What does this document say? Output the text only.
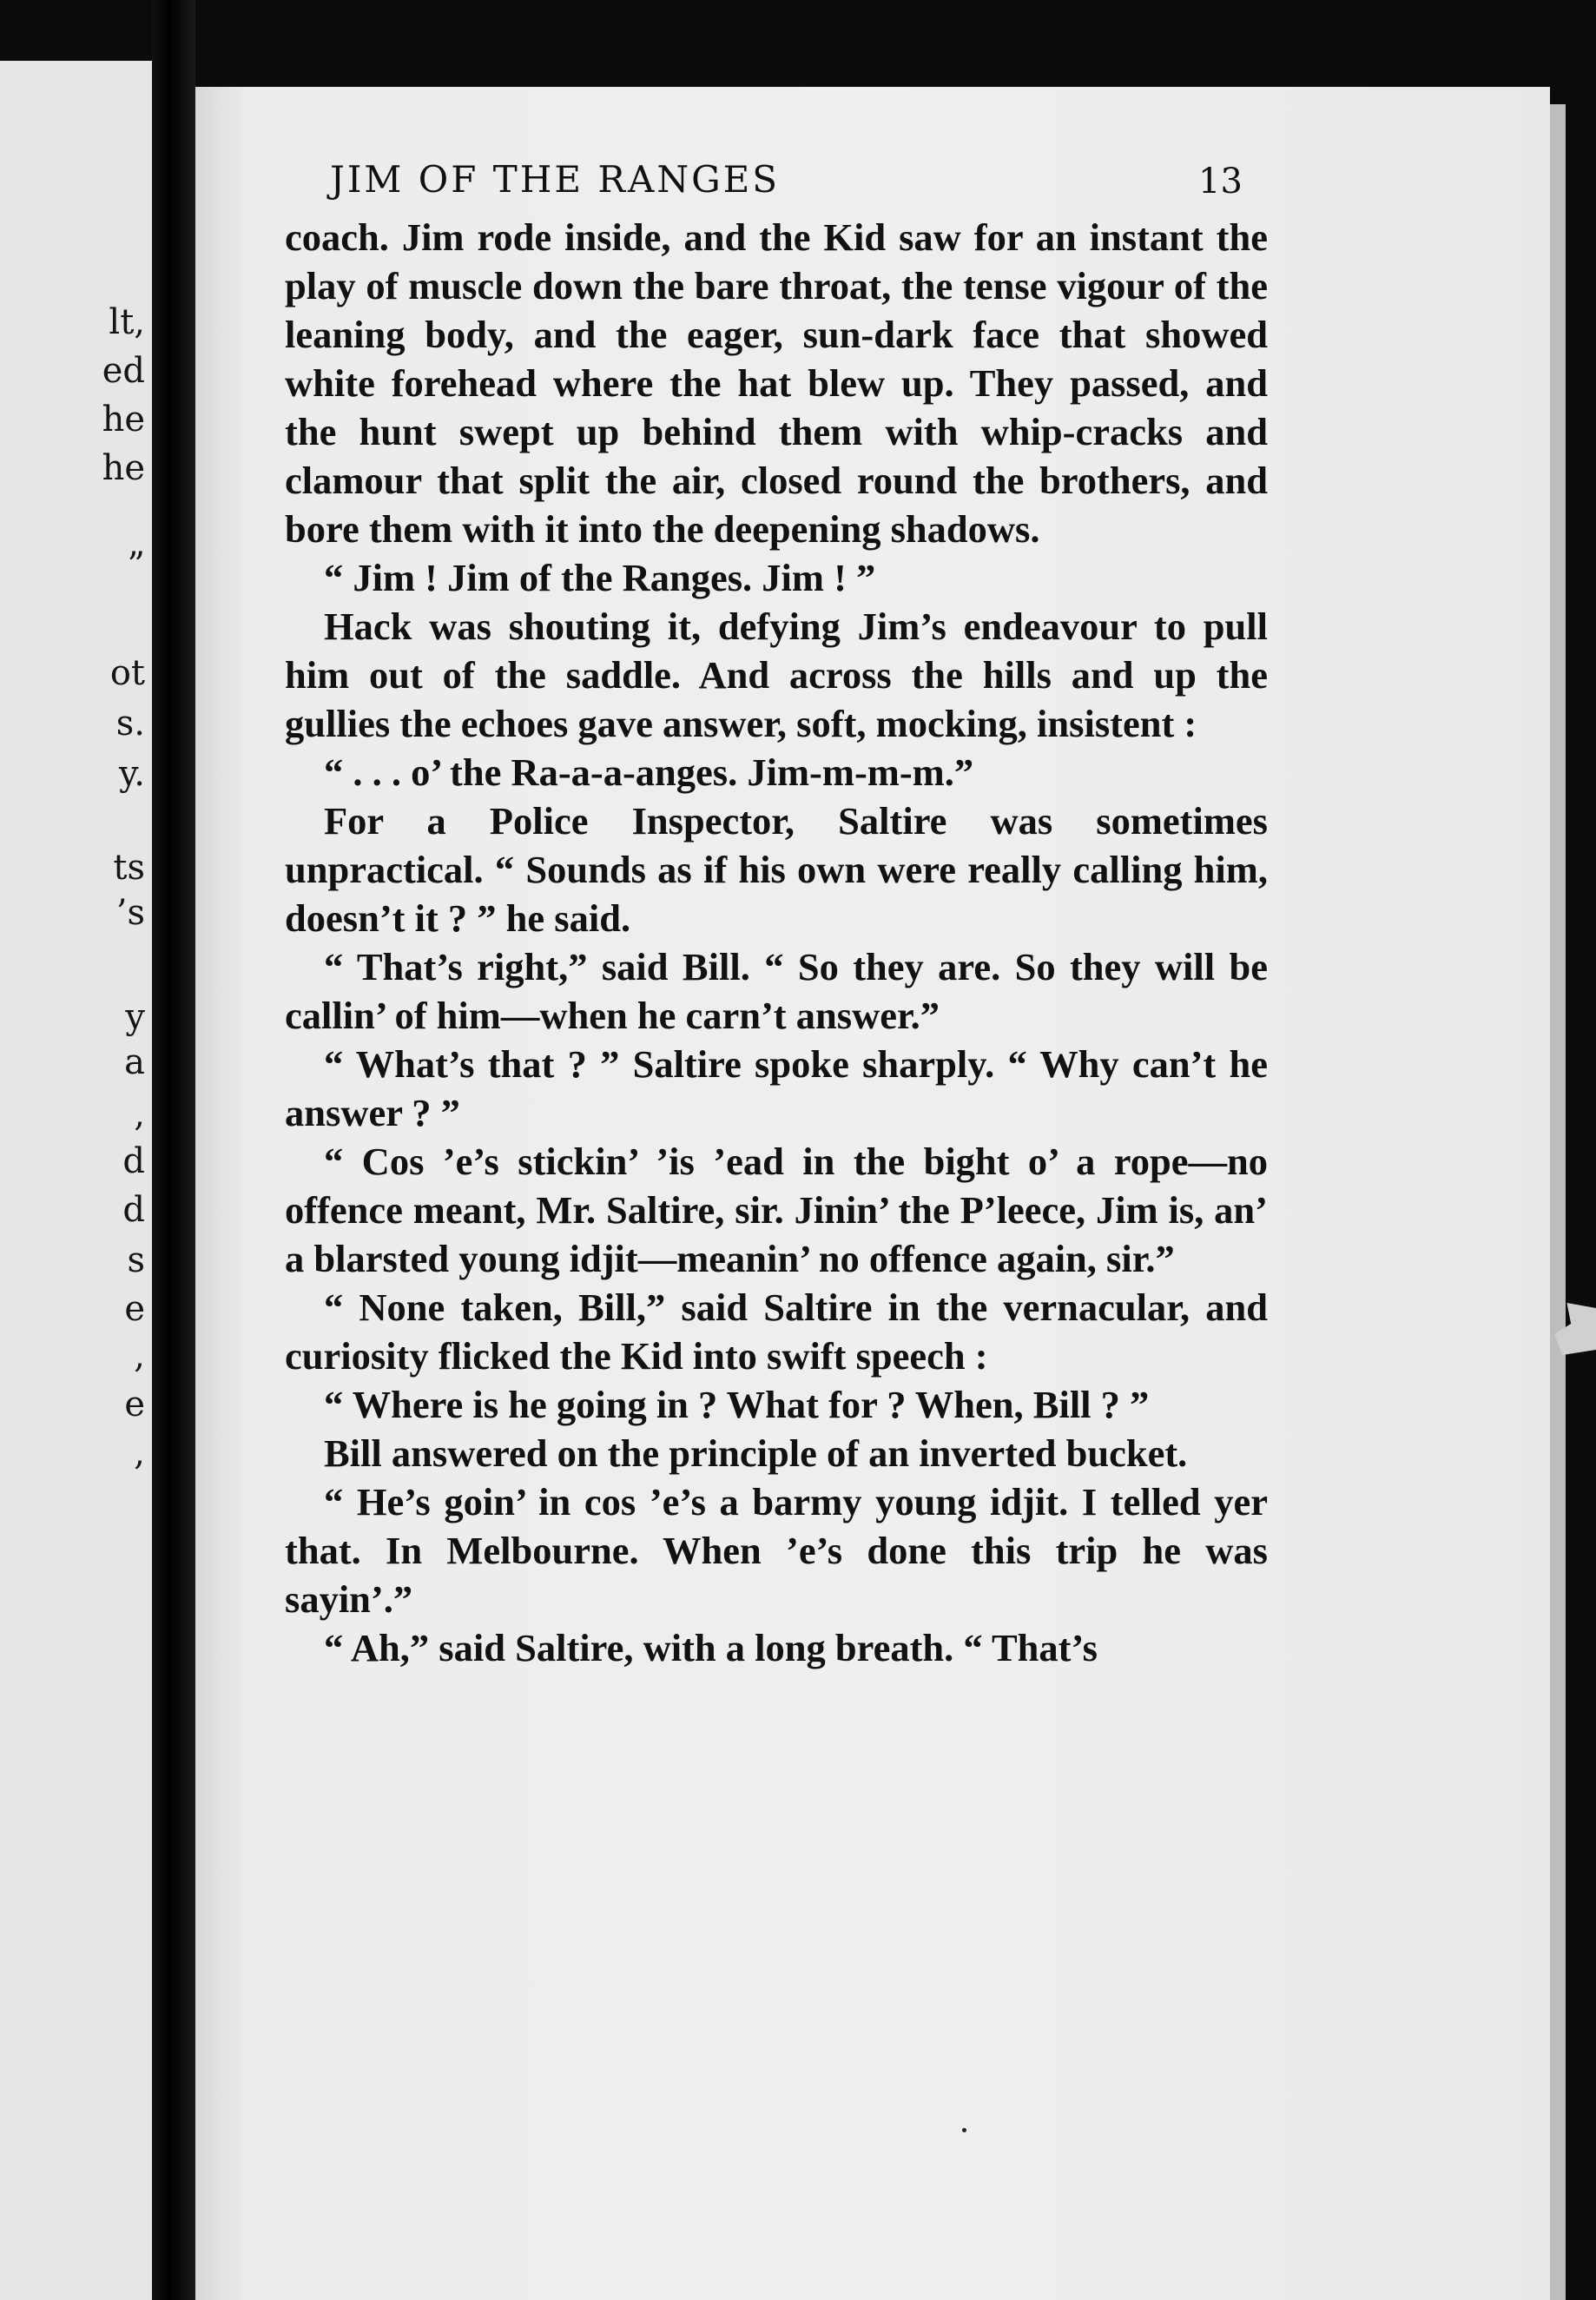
lt,
ed
he
he
”
ot
s.
y.
ts
’s
y
a
,
d
d
s
e
,
e
,
JIM OF THE RANGES	13

coach. Jim rode inside, and the Kid saw for an instant the play of muscle down the bare throat, the tense vigour of the leaning body, and the eager, sun-dark face that showed white forehead where the hat blew up. They passed, and the hunt swept up behind them with whip-cracks and clamour that split the air, closed round the brothers, and bore them with it into the deepening shadows.

“ Jim ! Jim of the Ranges. Jim ! ”

Hack was shouting it, defying Jim’s endeavour to pull him out of the saddle. And across the hills and up the gullies the echoes gave answer, soft, mocking, insistent :

“ . . . o’ the Ra-a-a-anges. Jim-m-m-m.”

For a Police Inspector, Saltire was sometimes unpractical. “ Sounds as if his own were really calling him, doesn’t it ? ” he said.

“ That’s right,” said Bill. “ So they are. So they will be callin’ of him—when he carn’t answer.”

“ What’s that ? ” Saltire spoke sharply. “ Why can’t he answer ? ”

“ Cos ’e’s stickin’ ’is ’ead in the bight o’ a rope—no offence meant, Mr. Saltire, sir. Jinin’ the P’leece, Jim is, an’ a blarsted young idjit—meanin’ no offence again, sir.”

“ None taken, Bill,” said Saltire in the vernacular, and curiosity flicked the Kid into swift speech :

“ Where is he going in ? What for ? When, Bill ? ”

Bill answered on the principle of an inverted bucket.

“ He’s goin’ in cos ’e’s a barmy young idjit. I telled yer that. In Melbourne. When ’e’s done this trip he was sayin’.”

“ Ah,” said Saltire, with a long breath. “ That’s
